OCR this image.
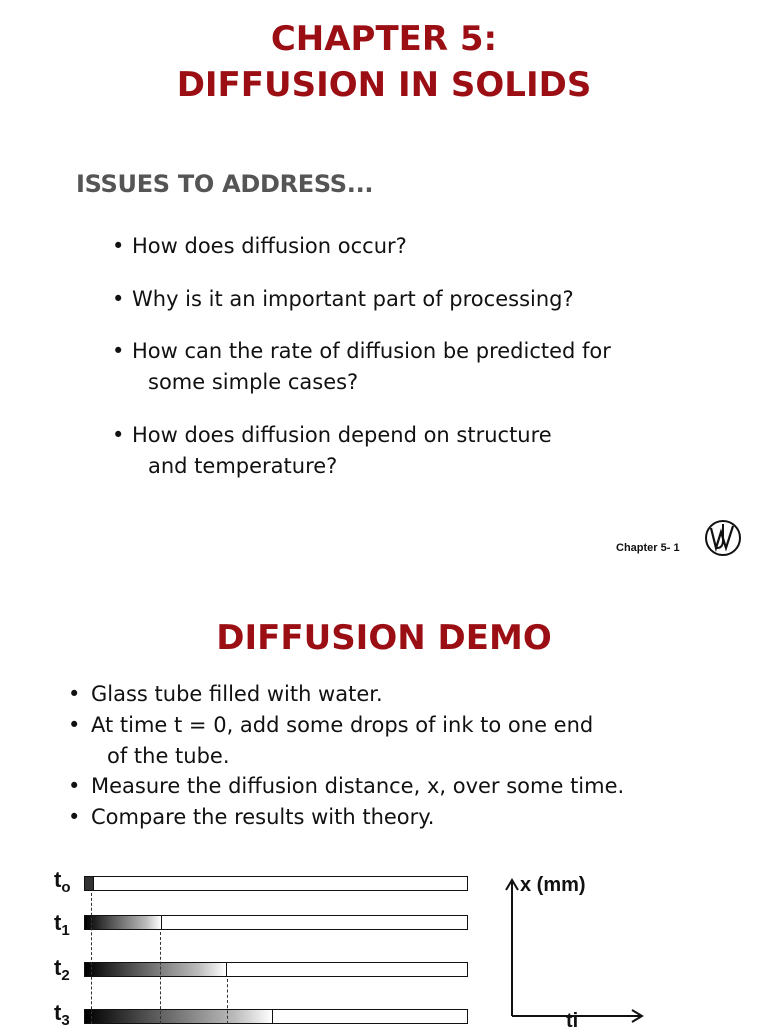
CHAPTER 5:
DIFFUSION IN SOLIDS
ISSUES TO ADDRESS...
• How does diffusion occur?
• Why is it an important part of processing?
• How can the rate of diffusion be predicted for
some simple cases?
• How does diffusion depend on structure
and temperature?
Chapter 5- 1
DIFFUSION DEMO
• Glass tube filled with water.
• At time t = 0, add some drops of ink to one end
of the tube.
• Measure the diffusion distance, x, over some time.
• Compare the results with theory.
$t_o$
$t_1$
$t_2$
$t_3$
x (mm)
ti
